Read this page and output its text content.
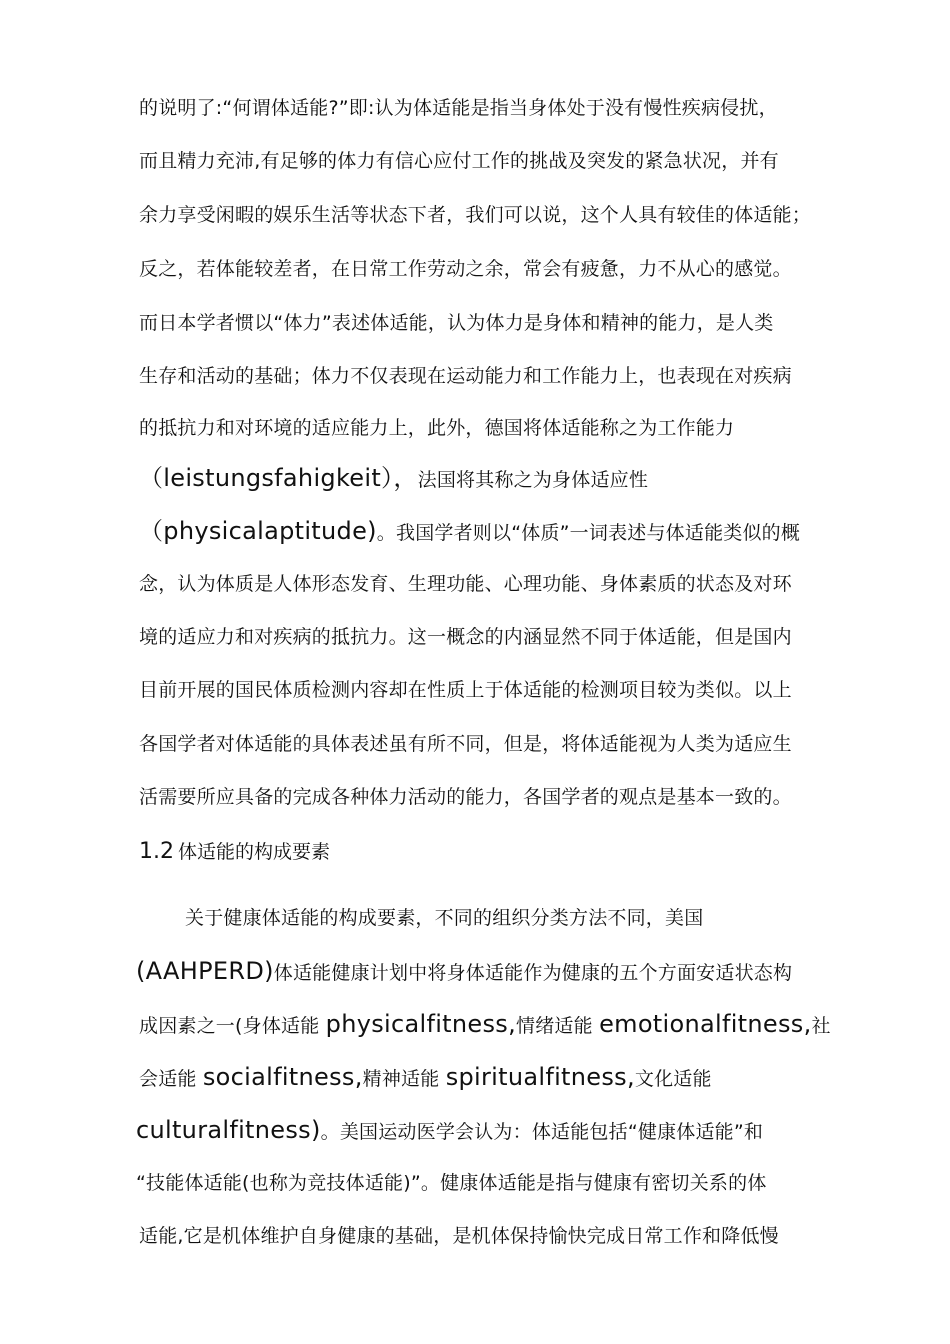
的说明了:“何谓体适能?”即:认为体适能是指当身体处于没有慢性疾病侵扰，
而且精力充沛,有足够的体力有信心应付工作的挑战及突发的紧急状况，并有
余力享受闲暇的娱乐生活等状态下者，我们可以说，这个人具有较佳的体适能；
反之，若体能较差者，在日常工作劳动之余，常会有疲惫，力不从心的感觉。
而日本学者惯以“体力”表述体适能，认为体力是身体和精神的能力，是人类
生存和活动的基础；体力不仅表现在运动能力和工作能力上，也表现在对疾病
的抵抗力和对环境的适应能力上，此外，德国将体适能称之为工作能力
（leistungsfahigkeit），法国将其称之为身体适应性
（physicalaptitude)。我国学者则以“体质”一词表述与体适能类似的概
念，认为体质是人体形态发育、生理功能、心理功能、身体素质的状态及对环
境的适应力和对疾病的抵抗力。这一概念的内涵显然不同于体适能，但是国内
目前开展的国民体质检测内容却在性质上于体适能的检测项目较为类似。以上
各国学者对体适能的具体表述虽有所不同，但是，将体适能视为人类为适应生
活需要所应具备的完成各种体力活动的能力，各国学者的观点是基本一致的。
1.2 体适能的构成要素
关于健康体适能的构成要素，不同的组织分类方法不同，美国
(AAHPERD)体适能健康计划中将身体适能作为健康的五个方面安适状态构
成因素之一(身体适能 physicalfitness,情绪适能 emotionalfitness,社
会适能 socialfitness,精神适能 spiritualfitness,文化适能
culturalfitness)。美国运动医学会认为：体适能包括“健康体适能”和
“技能体适能(也称为竞技体适能)”。健康体适能是指与健康有密切关系的体
适能,它是机体维护自身健康的基础，是机体保持愉快完成日常工作和降低慢
